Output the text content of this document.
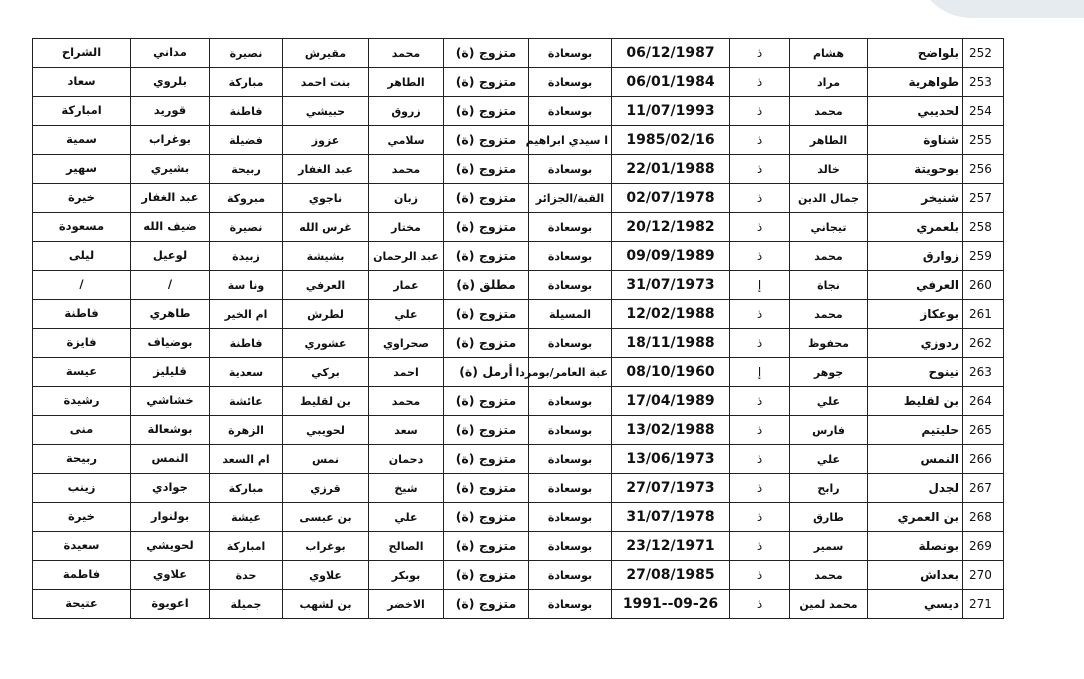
252	بلواضح	هشام	ذ	06/12/1987	بوسعادة	متزوج (ة)	محمد	مقيرش	نصيرة	مداني	الشراح
253	طواهرية	مراد	ذ	06/01/1984	بوسعادة	متزوج (ة)	الطاهر	بنت احمد	مباركة	بلروي	سعاد
254	لحديبي	محمد	ذ	11/07/1993	بوسعادة	متزوج (ة)	زروق	حبيشي	فاطنة	قوريد	امباركة
255	شناوة	الطاهر	ذ	1985/02/16	ا سيدي ابراهيم	متزوج (ة)	سلامي	عزوز	فضيلة	بوغراب	سمية
256	بوحويتة	خالد	ذ	22/01/1988	بوسعادة	متزوج (ة)	محمد	عبد الغفار	ربيحة	بشيري	سهير
257	شنيخر	جمال الدين	ذ	02/07/1978	القبة/الجزائر	متزوج (ة)	زبان	ناجوي	مبروكة	عبد الغفار	خيرة
258	بلعمري	تيجاني	ذ	20/12/1982	بوسعادة	متزوج (ة)	مختار	غرس الله	نصيرة	ضيف الله	مسعودة
259	زوارق	محمد	ذ	09/09/1989	بوسعادة	متزوج (ة)	عبد الرحمان	بشيشة	زبيدة	لوعيل	ليلى
260	العرفي	نجاة	إ	31/07/1973	بوسعادة	مطلق (ة)	عمار	العرفي	ونا سة	/	/
261	بوعكاز	محمد	ذ	12/02/1988	المسيلة	متزوج (ة)	علي	لطرش	ام الخير	طاهري	فاطنة
262	ردوزي	محفوظ	ذ	18/11/1988	بوسعادة	متزوج (ة)	صحراوي	عشوري	فاطنة	بوضياف	فايزة
263	نينوح	جوهر	إ	08/10/1960	عبة العامر/بومردا	أرمل (ة)	احمد	بركي	سعدية	قليليز	عيسة
264	بن لقليط	علي	ذ	17/04/1989	بوسعادة	متزوج (ة)	محمد	بن لقليط	عائشة	خشاشي	رشيدة
265	حليتيم	فارس	ذ	13/02/1988	بوسعادة	متزوج (ة)	سعد	لحويبي	الزهرة	بوشعالة	منى
266	النمس	علي	ذ	13/06/1973	بوسعادة	متزوج (ة)	دحمان	نمس	ام السعد	النمس	ربيحة
267	لجدل	رابح	ذ	27/07/1973	بوسعادة	متزوج (ة)	شيخ	قرزي	مباركة	جوادي	زينب
268	بن العمري	طارق	ذ	31/07/1978	بوسعادة	متزوج (ة)	علي	بن عيسى	عيشة	بولنوار	خيرة
269	بونصلة	سمير	ذ	23/12/1971	بوسعادة	متزوج (ة)	الصالح	بوغراب	امباركة	لحويشي	سعيدة
270	بعداش	محمد	ذ	27/08/1985	بوسعادة	متزوج (ة)	بوبكر	علاوي	حدة	علاوي	فاطمة
271	ديسي	محمد لمين	ذ	1991--09-26	بوسعادة	متزوج (ة)	الاخضر	بن لشهب	جميلة	اعويوة	عتيحة
